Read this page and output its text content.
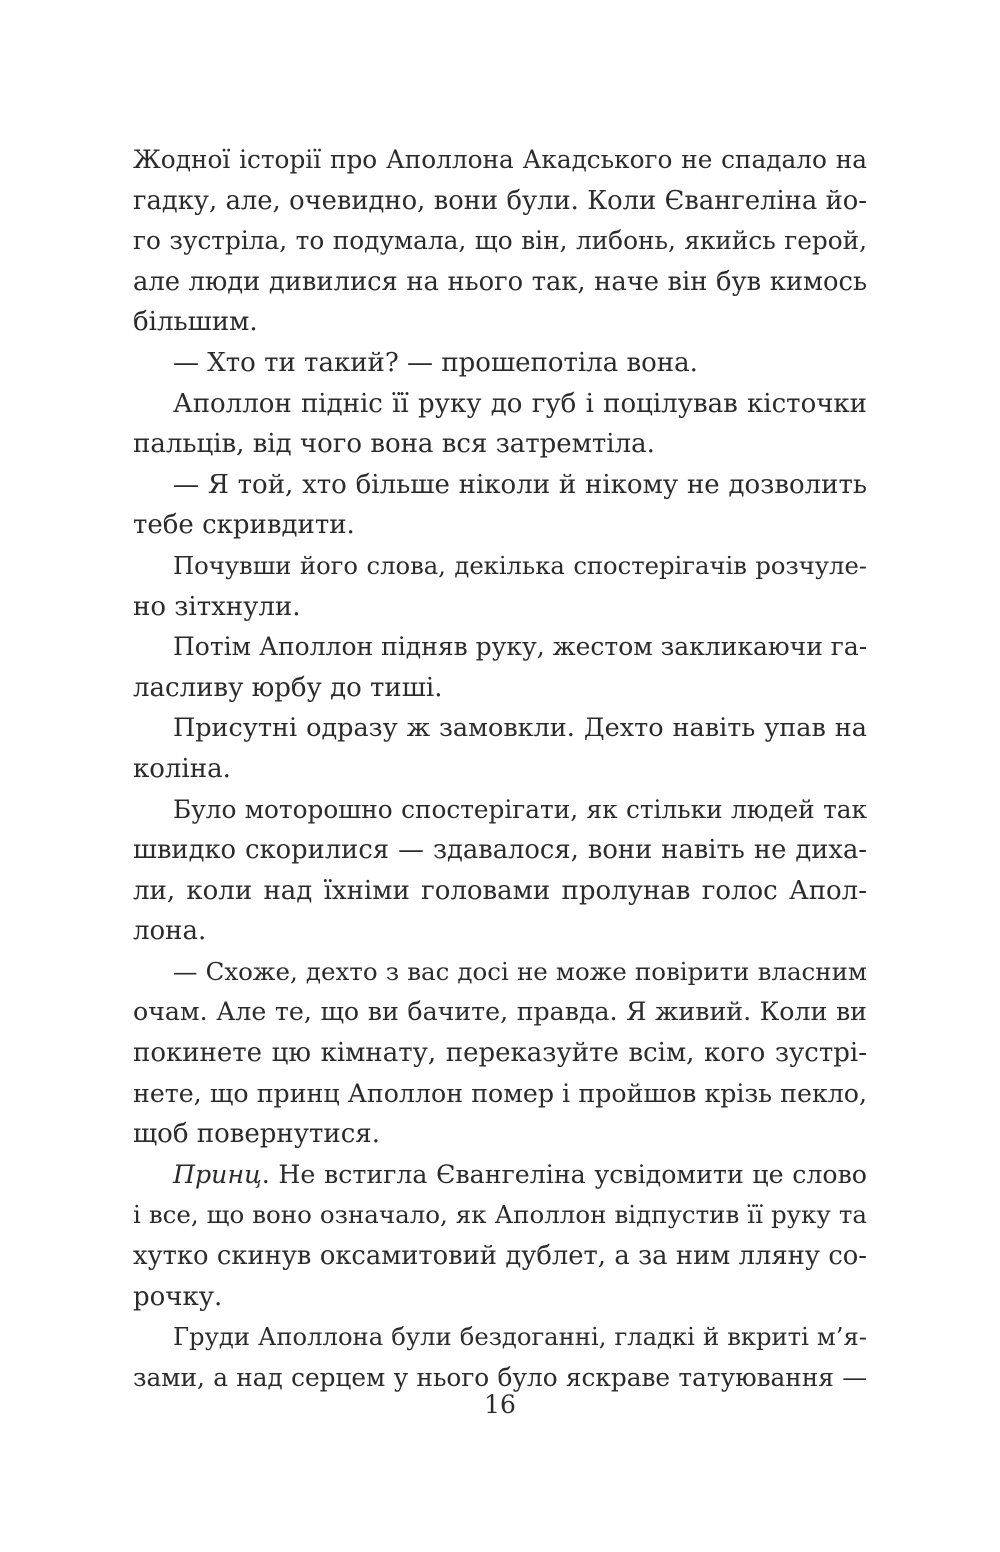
Жодної історії про Аполлона Акадського не спадало на
гадку, але, очевидно, вони були. Коли Євангеліна йо-
го зустріла, то подумала, що він, либонь, якийсь герой,
але люди дивилися на нього так, наче він був кимось
більшим.
— Хто ти такий? — прошепотіла вона.
Аполлон підніс її руку до губ і поцілував кісточки
пальців, від чого вона вся затремтіла.
— Я той, хто більше ніколи й нікому не дозволить
тебе скривдити.
Почувши його слова, декілька спостерігачів розчуле-
но зітхнули.
Потім Аполлон підняв руку, жестом закликаючи га-
ласливу юрбу до тиші.
Присутні одразу ж замовкли. Дехто навіть упав на
коліна.
Було моторошно спостерігати, як стільки людей так
швидко скорилися — здавалося, вони навіть не диха-
ли, коли над їхніми головами пролунав голос Апол-
лона.
— Схоже, дехто з вас досі не може повірити власним
очам. Але те, що ви бачите, правда. Я живий. Коли ви
покинете цю кімнату, переказуйте всім, кого зустрі-
нете, що принц Аполлон помер і пройшов крізь пекло,
щоб повернутися.
Принц. Не встигла Євангеліна усвідомити це слово
і все, що воно означало, як Аполлон відпустив її руку та
хутко скинув оксамитовий дублет, а за ним лляну со-
рочку.
Груди Аполлона були бездоганні, гладкі й вкриті м’я-
зами, а над серцем у нього було яскраве татуювання —
16
